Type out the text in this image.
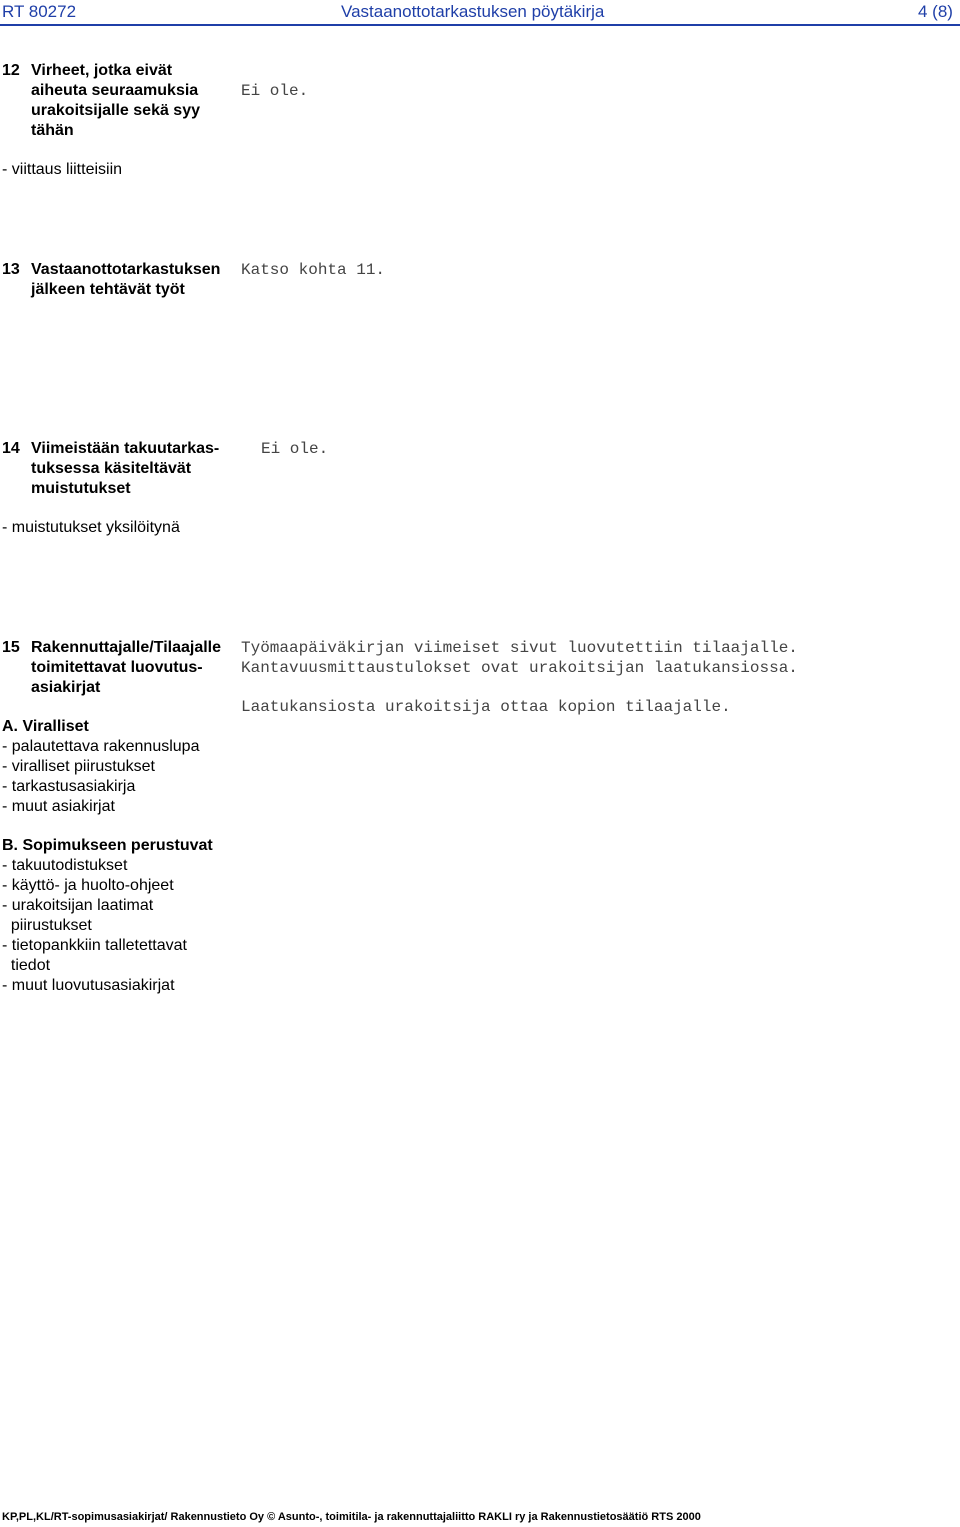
RT 80272	Vastaanottotarkastuksen pöytäkirja	4 (8)
12 Virheet, jotka eivät
aiheuta seuraamuksia
urakoitsijalle sekä syy
tähän
- viittaus liitteisiin
Ei ole.
13 Vastaanottotarkastuksen
jälkeen tehtävät työt
Katso kohta 11.
14 Viimeistään takuutarkas-
tuksessa käsiteltävät
muistutukset
- muistutukset yksilöitynä
Ei ole.
15 Rakennuttajalle/Tilaajalle
toimitettavat luovutus-
asiakirjat
A. Viralliset
- palautettava rakennuslupa
- viralliset piirustukset
- tarkastusasiakirja
- muut asiakirjat
B. Sopimukseen perustuvat
- takuutodistukset
- käyttö- ja huolto-ohjeet
- urakoitsijan laatimat
piirustukset
- tietopankkiin talletettavat
tiedot
- muut luovutusasiakirjat
Työmaapäiväkirjan viimeiset sivut luovutettiin tilaajalle.
Kantavuusmittaustulokset ovat urakoitsijan laatukansiossa.
Laatukansiosta urakoitsija ottaa kopion tilaajalle.
KP,PL,KL/RT-sopimusasiakirjat/ Rakennustieto Oy © Asunto-, toimitila- ja rakennuttajaliitto RAKLI ry ja Rakennustietosäätiö RTS 2000
